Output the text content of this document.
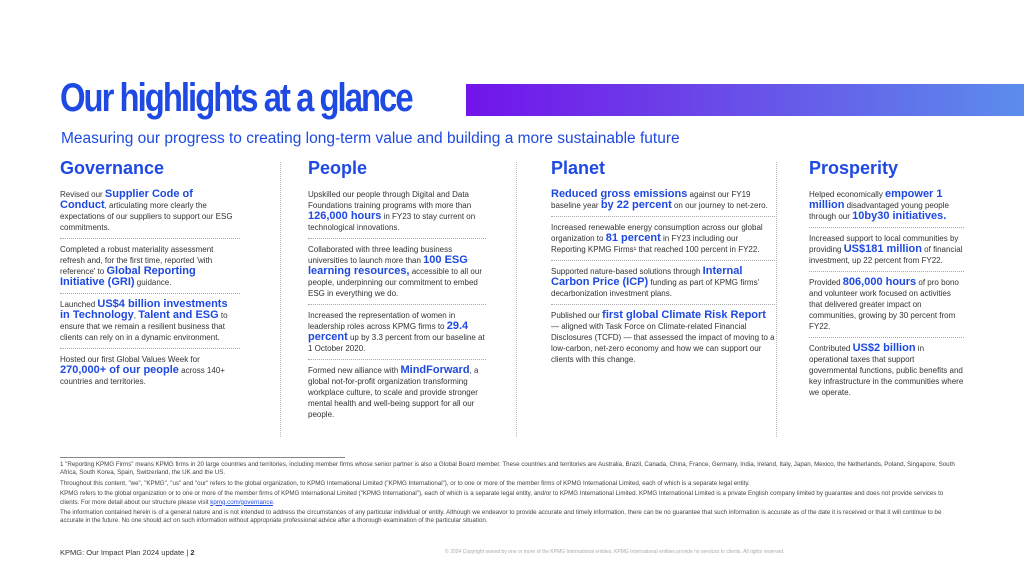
Our highlights at a glance

Measuring our progress to creating long-term value and building a more sustainable future

Governance
Revised our Supplier Code of Conduct, articulating more clearly the expectations of our suppliers to support our ESG commitments.
Completed a robust materiality assessment refresh and, for the first time, reported 'with reference' to Global Reporting Initiative (GRI) guidance.
Launched US$4 billion investments in Technology, Talent and ESG to ensure that we remain a resilient business that clients can rely on in a dynamic environment.
Hosted our first Global Values Week for 270,000+ of our people across 140+ countries and territories.
People
Upskilled our people through Digital and Data Foundations training programs with more than 126,000 hours in FY23 to stay current on technological innovations.
Collaborated with three leading business universities to launch more than 100 ESG learning resources, accessible to all our people, underpinning our commitment to embed ESG in everything we do.
Increased the representation of women in leadership roles across KPMG firms to 29.4 percent up by 3.3 percent from our baseline at 1 October 2020.
Formed new alliance with MindForward, a global not-for-profit organization transforming workplace culture, to scale and provide stronger mental health and well-being support for all our people.
Planet
Reduced gross emissions against our FY19 baseline year by 22 percent on our journey to net-zero.
Increased renewable energy consumption across our global organization to 81 percent in FY23 including our Reporting KPMG Firms¹ that reached 100 percent in FY22.
Supported nature-based solutions through Internal Carbon Price (ICP) funding as part of KPMG firms' decarbonization investment plans.
Published our first global Climate Risk Report — aligned with Task Force on Climate-related Financial Disclosures (TCFD) — that assessed the impact of moving to a low-carbon, net-zero economy and how we can support our clients with this change.
Prosperity
Helped economically empower 1 million disadvantaged young people through our 10by30 initiatives.
Increased support to local communities by providing US$181 million of financial investment, up 22 percent from FY22.
Provided 806,000 hours of pro bono and volunteer work focused on activities that delivered greater impact on communities, growing by 30 percent from FY22.
Contributed US$2 billion in operational taxes that support governmental functions, public benefits and key infrastructure in the communities where we operate.

1 "Reporting KPMG Firms" means KPMG firms in 20 large countries and territories, including member firms whose senior partner is also a Global Board member. These countries and territories are Australia, Brazil, Canada, China, France, Germany, India, Ireland, Italy, Japan, Mexico, the Netherlands, Poland, Singapore, South Africa, South Korea, Spain, Switzerland, the UK and the US.

Throughout this content, "we", "KPMG", "us" and "our" refers to the global organization, to KPMG International Limited ("KPMG International"), or to one or more of the member firms of KPMG International Limited, each of which is a separate legal entity.

KPMG refers to the global organization or to one or more of the member firms of KPMG International Limited ("KPMG International"), each of which is a separate legal entity, and/or to KPMG International Limited. KPMG International Limited is a private English company limited by guarantee and does not provide services to clients. For more detail about our structure please visit kpmg.com/governance.

The information contained herein is of a general nature and is not intended to address the circumstances of any particular individual or entity. Although we endeavor to provide accurate and timely information, there can be no guarantee that such information is accurate as of the date it is received or that it will continue to be accurate in the future. No one should act on such information without appropriate professional advice after a thorough examination of the particular situation.

KPMG: Our Impact Plan 2024 update | 2	© 2024 Copyright owned by one or more of the KPMG International entities. KPMG International entities provide no services to clients. All rights reserved.
